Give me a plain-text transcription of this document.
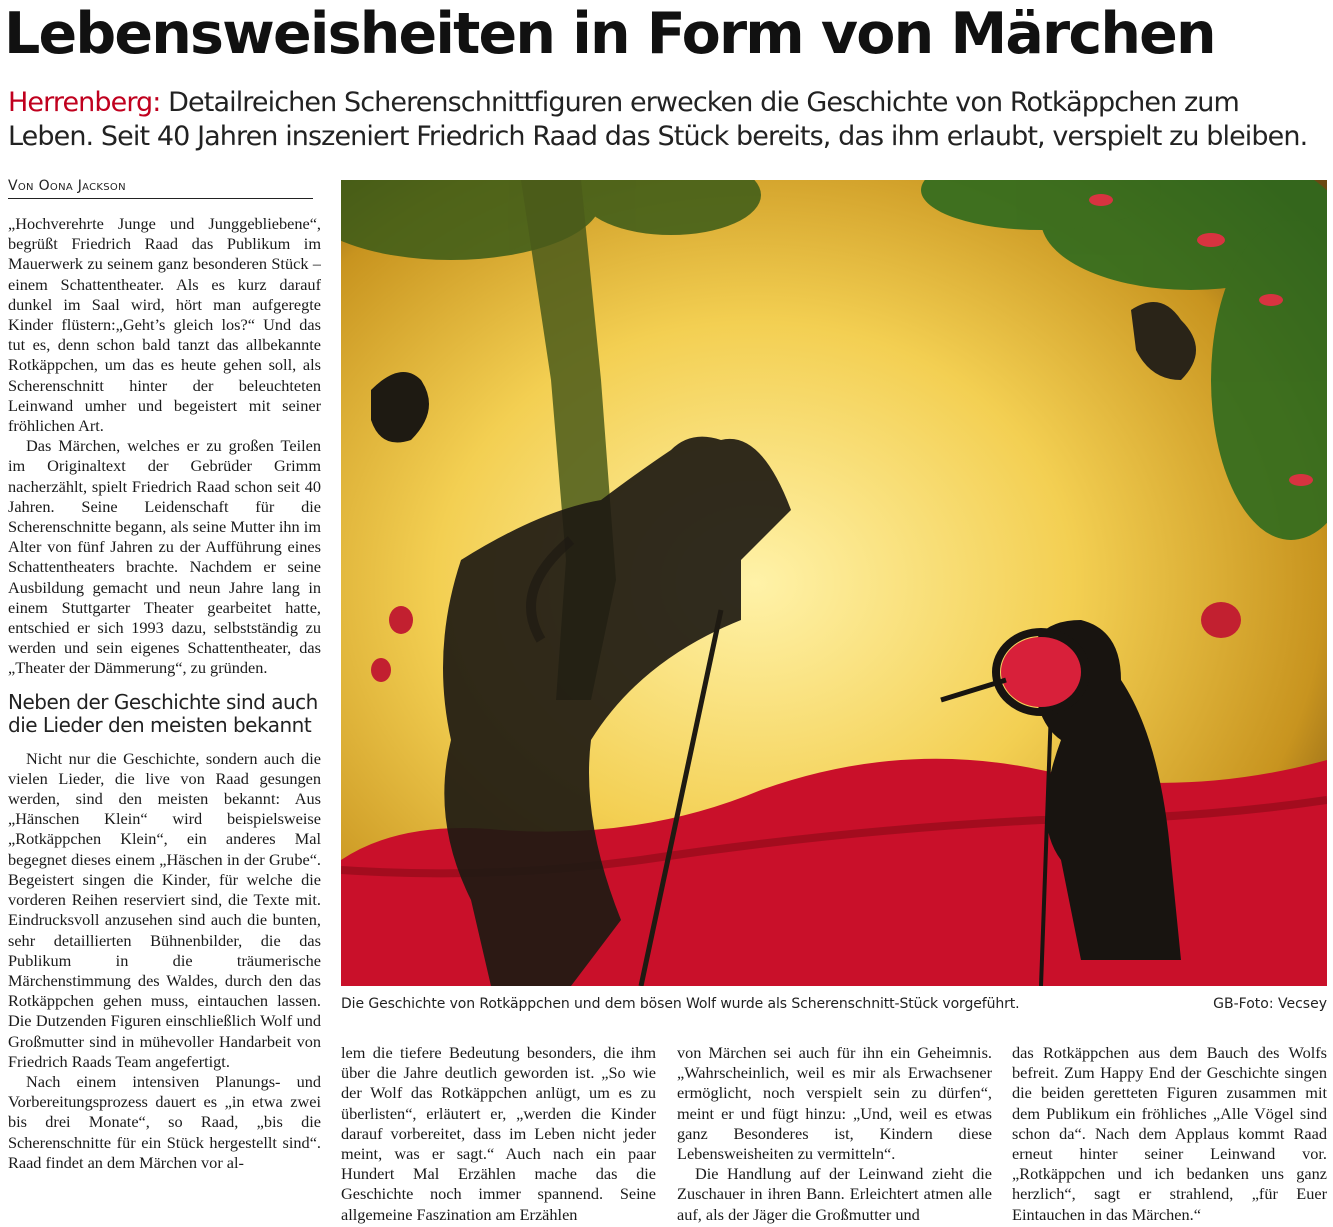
Lebensweisheiten in Form von Märchen
Herrenberg: Detailreichen Scherenschnittfiguren erwecken die Geschichte von Rotkäppchen zum Leben. Seit 40 Jahren inszeniert Friedrich Raad das Stück bereits, das ihm erlaubt, verspielt zu bleiben.
Von Oona Jackson

„Hochverehrte Junge und Junggebliebene“, begrüßt Friedrich Raad das Publikum im Mauerwerk zu seinem ganz besonderen Stück – einem Schattentheater. Als es kurz darauf dunkel im Saal wird, hört man aufgeregte Kinder flüstern:„Geht’s gleich los?“ Und das tut es, denn schon bald tanzt das allbekannte Rotkäppchen, um das es heute gehen soll, als Scherenschnitt hinter der beleuchteten Leinwand umher und begeistert mit seiner fröhlichen Art.

Das Märchen, welches er zu großen Teilen im Originaltext der Gebrüder Grimm nacherzählt, spielt Friedrich Raad schon seit 40 Jahren. Seine Leidenschaft für die Scherenschnitte begann, als seine Mutter ihn im Alter von fünf Jahren zu der Aufführung eines Schattentheaters brachte. Nachdem er seine Ausbildung gemacht und neun Jahre lang in einem Stuttgarter Theater gearbeitet hatte, entschied er sich 1993 dazu, selbstständig zu werden und sein eigenes Schattentheater, das „Theater der Dämmerung“, zu gründen.

Neben der Geschichte sind auch die Lieder den meisten bekannt

Nicht nur die Geschichte, sondern auch die vielen Lieder, die live von Raad gesungen werden, sind den meisten bekannt: Aus „Hänschen Klein“ wird beispielsweise „Rotkäppchen Klein“, ein anderes Mal begegnet dieses einem „Häschen in der Grube“. Begeistert singen die Kinder, für welche die vorderen Reihen reserviert sind, die Texte mit. Eindrucksvoll anzusehen sind auch die bunten, sehr detaillierten Bühnenbilder, die das Publikum in die träumerische Märchenstimmung des Waldes, durch den das Rotkäppchen gehen muss, eintauchen lassen. Die Dutzenden Figuren einschließlich Wolf und Großmutter sind in mühevoller Handarbeit von Friedrich Raads Team angefertigt.

Nach einem intensiven Planungs- und Vorbereitungsprozess dauert es „in etwa zwei bis drei Monate“, so Raad, „bis die Scherenschnitte für ein Stück hergestellt sind“. Raad findet an dem Märchen vor al-

Die Geschichte von Rotkäppchen und dem bösen Wolf wurde als Scherenschnitt-Stück vorgeführt.	GB-Foto: Vecsey

lem die tiefere Bedeutung besonders, die ihm über die Jahre deutlich geworden ist. „So wie der Wolf das Rotkäppchen anlügt, um es zu überlisten“, erläutert er, „werden die Kinder darauf vorbereitet, dass im Leben nicht jeder meint, was er sagt.“ Auch nach ein paar Hundert Mal Erzählen mache das die Geschichte noch immer spannend. Seine allgemeine Faszination am Erzählen

von Märchen sei auch für ihn ein Geheimnis. „Wahrscheinlich, weil es mir als Erwachsener ermöglicht, noch verspielt sein zu dürfen“, meint er und fügt hinzu: „Und, weil es etwas ganz Besonderes ist, Kindern diese Lebensweisheiten zu vermitteln“.

Die Handlung auf der Leinwand zieht die Zuschauer in ihren Bann. Erleichtert atmen alle auf, als der Jäger die Großmutter und

das Rotkäppchen aus dem Bauch des Wolfs befreit. Zum Happy End der Geschichte singen die beiden geretteten Figuren zusammen mit dem Publikum ein fröhliches „Alle Vögel sind schon da“. Nach dem Applaus kommt Raad erneut hinter seiner Leinwand vor. „Rotkäppchen und ich bedanken uns ganz herzlich“, sagt er strahlend, „für Euer Eintauchen in das Märchen.“
